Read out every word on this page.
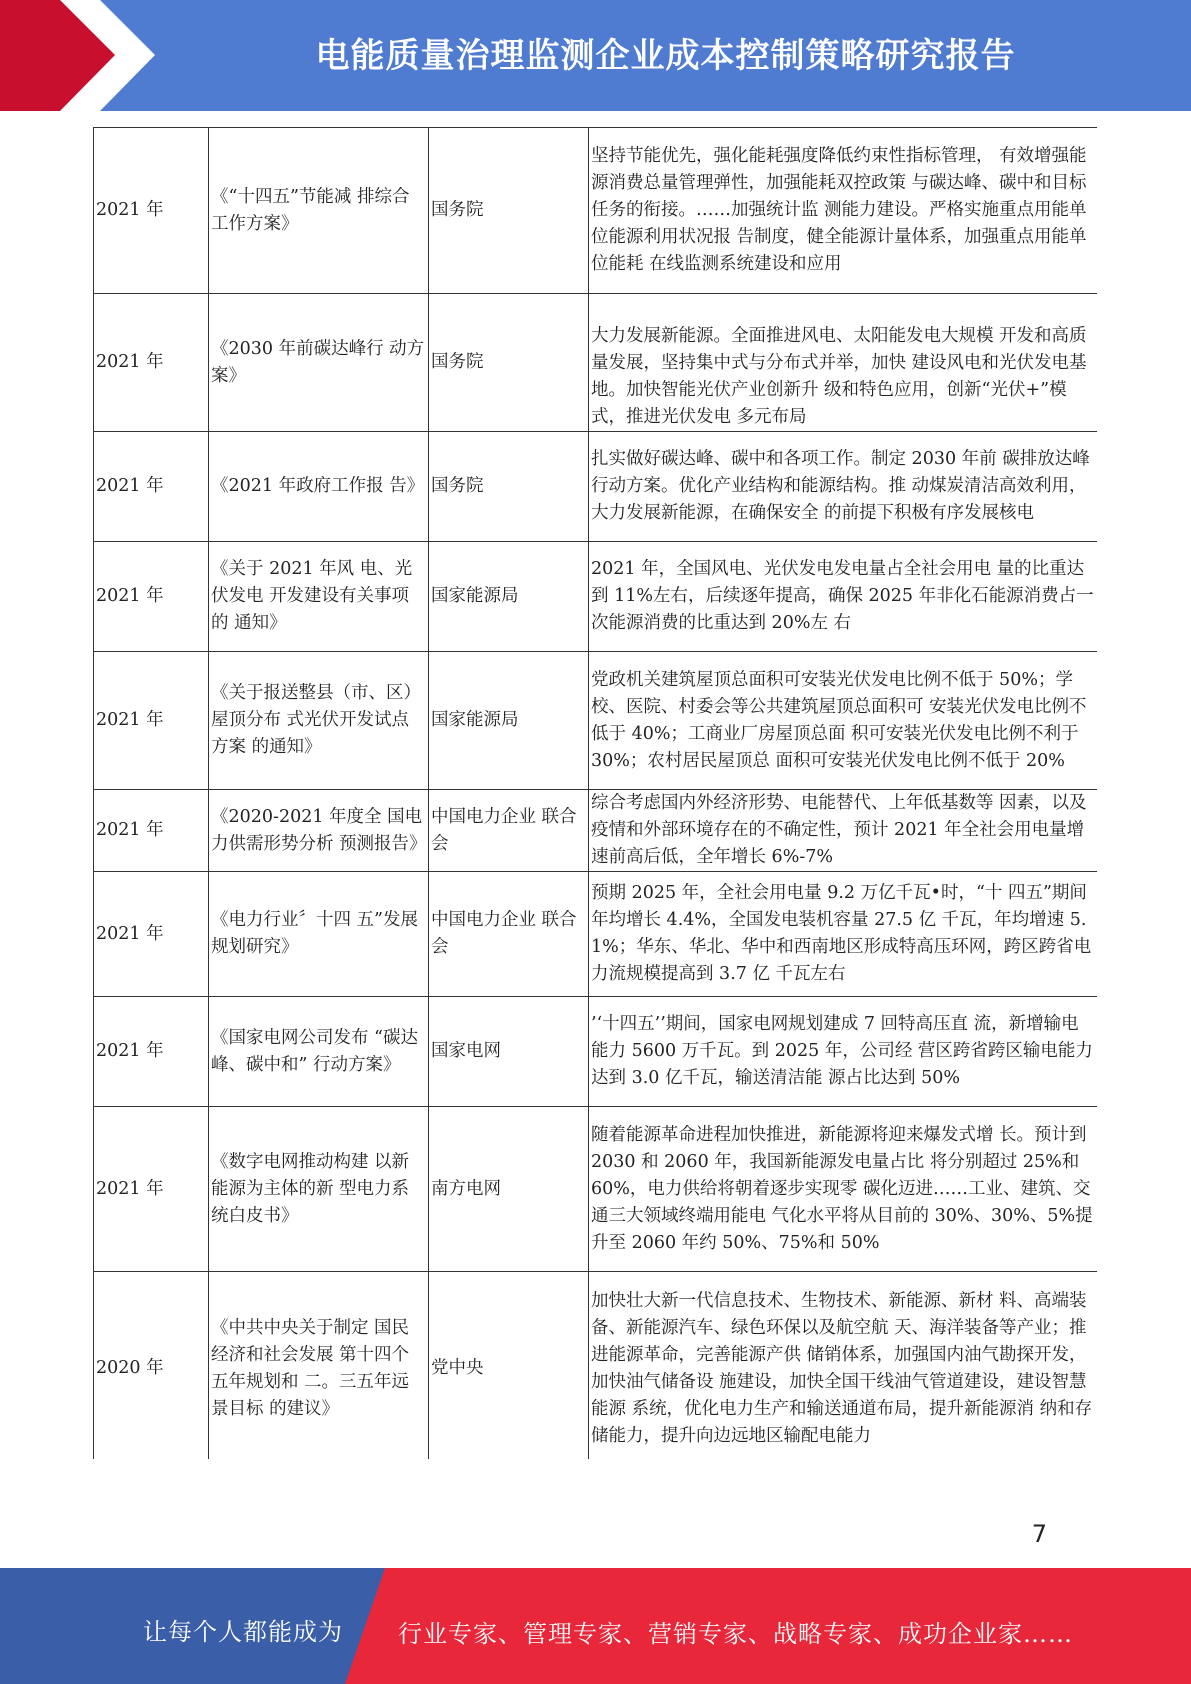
电能质量治理监测企业成本控制策略研究报告
2021 年	《“十四五”节能减 排综合工作方案》	国务院	坚持节能优先，强化能耗强度降低约束性指标管理， 有效增强能源消费总量管理弹性，加强能耗双控政策 与碳达峰、碳中和目标任务的衔接。……加强统计监 测能力建设。严格实施重点用能单位能源利用状况报 告制度，健全能源计量体系，加强重点用能单位能耗 在线监测系统建设和应用
2021 年	《2030 年前碳达峰行 动方案》	国务院	大力发展新能源。全面推进风电、太阳能发电大规模 开发和高质量发展，坚持集中式与分布式并举，加快 建设风电和光伏发电基地。加快智能光伏产业创新升 级和特色应用，创新“光伏+”模式，推进光伏发电 多元布局
2021 年	《2021 年政府工作报 告》	国务院	扎实做好碳达峰、碳中和各项工作。制定 2030 年前 碳排放达峰行动方案。优化产业结构和能源结构。推 动煤炭清洁高效利用，大力发展新能源，在确保安全 的前提下积极有序发展核电
2021 年	《关于 2021 年风 电、光伏发电 开发建设有关事项的 通知》	国家能源局	2021 年，全国风电、光伏发电发电量占全社会用电 量的比重达到 11%左右，后续逐年提高，确保 2025 年非化石能源消费占一次能源消费的比重达到 20%左 右
2021 年	《关于报送整县（市、区）屋顶分布 式光伏开发试点方案 的通知》	国家能源局	党政机关建筑屋顶总面积可安装光伏发电比例不低于 50%；学校、医院、村委会等公共建筑屋顶总面积可 安装光伏发电比例不低于 40%；工商业厂房屋顶总面 积可安装光伏发电比例不利于 30%；农村居民屋顶总 面积可安装光伏发电比例不低于 20%
2021 年	《2020-2021 年度全 国电力供需形势分析 预测报告》	中国电力企业 联合会	综合考虑国内外经济形势、电能替代、上年低基数等 因素，以及疫情和外部环境存在的不确定性，预计 2021 年全社会用电量增速前高后低，全年增长 6%-7%
2021 年	《电力行业〞十四 五”发展规划研究》	中国电力企业 联合会	预期 2025 年，全社会用电量 9.2 万亿千瓦•时，“十 四五”期间年均增长 4.4%，全国发电装机容量 27.5 亿 千瓦，年均增速 5.1%；华东、华北、华中和西南地区形成特高压环网，跨区跨省电力流规模提高到 3.7 亿 千瓦左右
2021 年	《国家电网公司发布 “碳达峰、碳中和” 行动方案》	国家电网	’‘十四五’’期间，国家电网规划建成 7 回特高压直 流，新增输电能力 5600 万千瓦。到 2025 年，公司经 营区跨省跨区输电能力达到 3.0 亿千瓦，输送清洁能 源占比达到 50%
2021 年	《数字电网推动构建 以新能源为主体的新 型电力系统白皮书》	南方电网	随着能源革命进程加快推进，新能源将迎来爆发式增 长。预计到 2030 和 2060 年，我国新能源发电量占比 将分别超过 25%和 60%，电力供给将朝着逐步实现零 碳化迈进……工业、建筑、交通三大领域终端用能电 气化水平将从目前的 30%、30%、5%提升至 2060 年约 50%、75%和 50%
2020 年	《中共中央关于制定 国民经济和社会发展 第十四个五年规划和 二。三五年远景目标 的建议》	党中央	加快壮大新一代信息技术、生物技术、新能源、新材 料、高端装备、新能源汽车、绿色环保以及航空航 天、海洋装备等产业；推进能源革命，完善能源产供 储销体系，加强国内油气勘探开发，加快油气储备设 施建设，加快全国干线油气管道建设，建设智慧能源 系统，优化电力生产和输送通道布局，提升新能源消 纳和存储能力，提升向边远地区输配电能力
7
让每个人都能成为 行业专家、管理专家、营销专家、战略专家、成功企业家……
